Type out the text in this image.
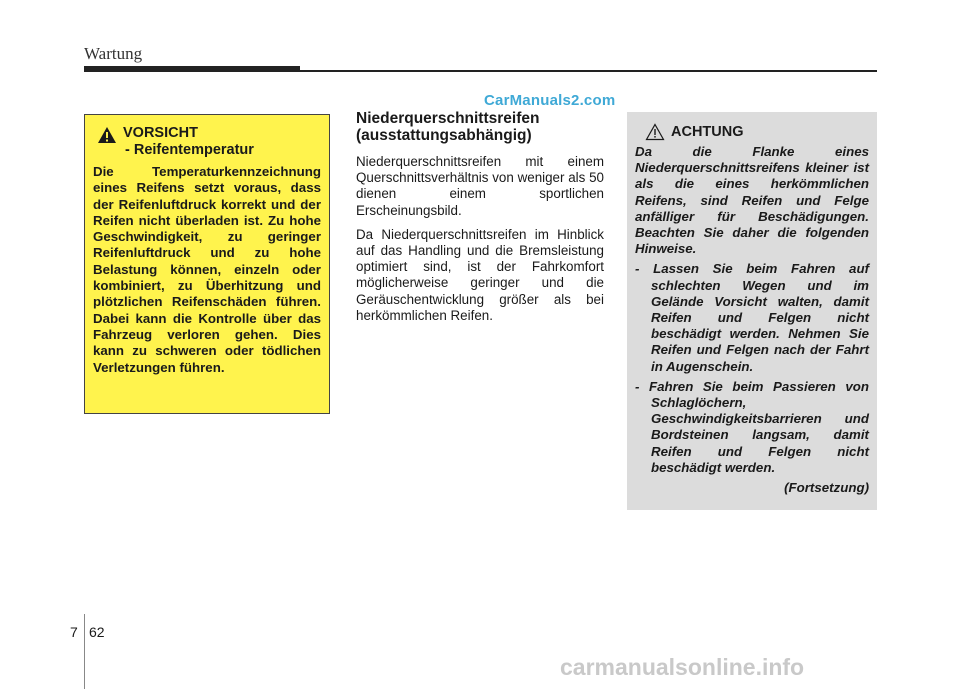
Wartung
CarManuals2.com
VORSICHT
- Reifentemperatur
Die Temperaturkennzeichnung eines Reifens setzt voraus, dass der Reifenluftdruck korrekt und der Reifen nicht überladen ist. Zu hohe Geschwindigkeit, zu geringer Reifenluftdruck und zu hohe Belastung können, einzeln oder kombiniert, zu Überhitzung und plötzlichen Reifenschäden führen. Dabei kann die Kontrolle über das Fahrzeug verloren gehen. Dies kann zu schweren oder tödlichen Verletzungen führen.
Niederquerschnittsreifen (ausstattungsabhängig)

Niederquerschnittsreifen mit einem Querschnittsverhältnis von weniger als 50 dienen einem sportlichen Erscheinungsbild.

Da Niederquerschnittsreifen im Hinblick auf das Handling und die Bremsleistung optimiert sind, ist der Fahrkomfort möglicherweise geringer und die Geräuschentwicklung größer als bei herkömmlichen Reifen.

ACHTUNG

Da die Flanke eines Niederquerschnittsreifens kleiner ist als die eines herkömmlichen Reifens, sind Reifen und Felge anfälliger für Beschädigungen. Beachten Sie daher die folgenden Hinweise.

- Lassen Sie beim Fahren auf schlechten Wegen und im Gelände Vorsicht walten, damit Reifen und Felgen nicht beschädigt werden. Nehmen Sie Reifen und Felgen nach der Fahrt in Augenschein.

- Fahren Sie beim Passieren von Schlaglöchern, Geschwindigkeitsbarrieren und Bordsteinen langsam, damit Reifen und Felgen nicht beschädigt werden.

(Fortsetzung)

7 62
carmanualsonline.info
